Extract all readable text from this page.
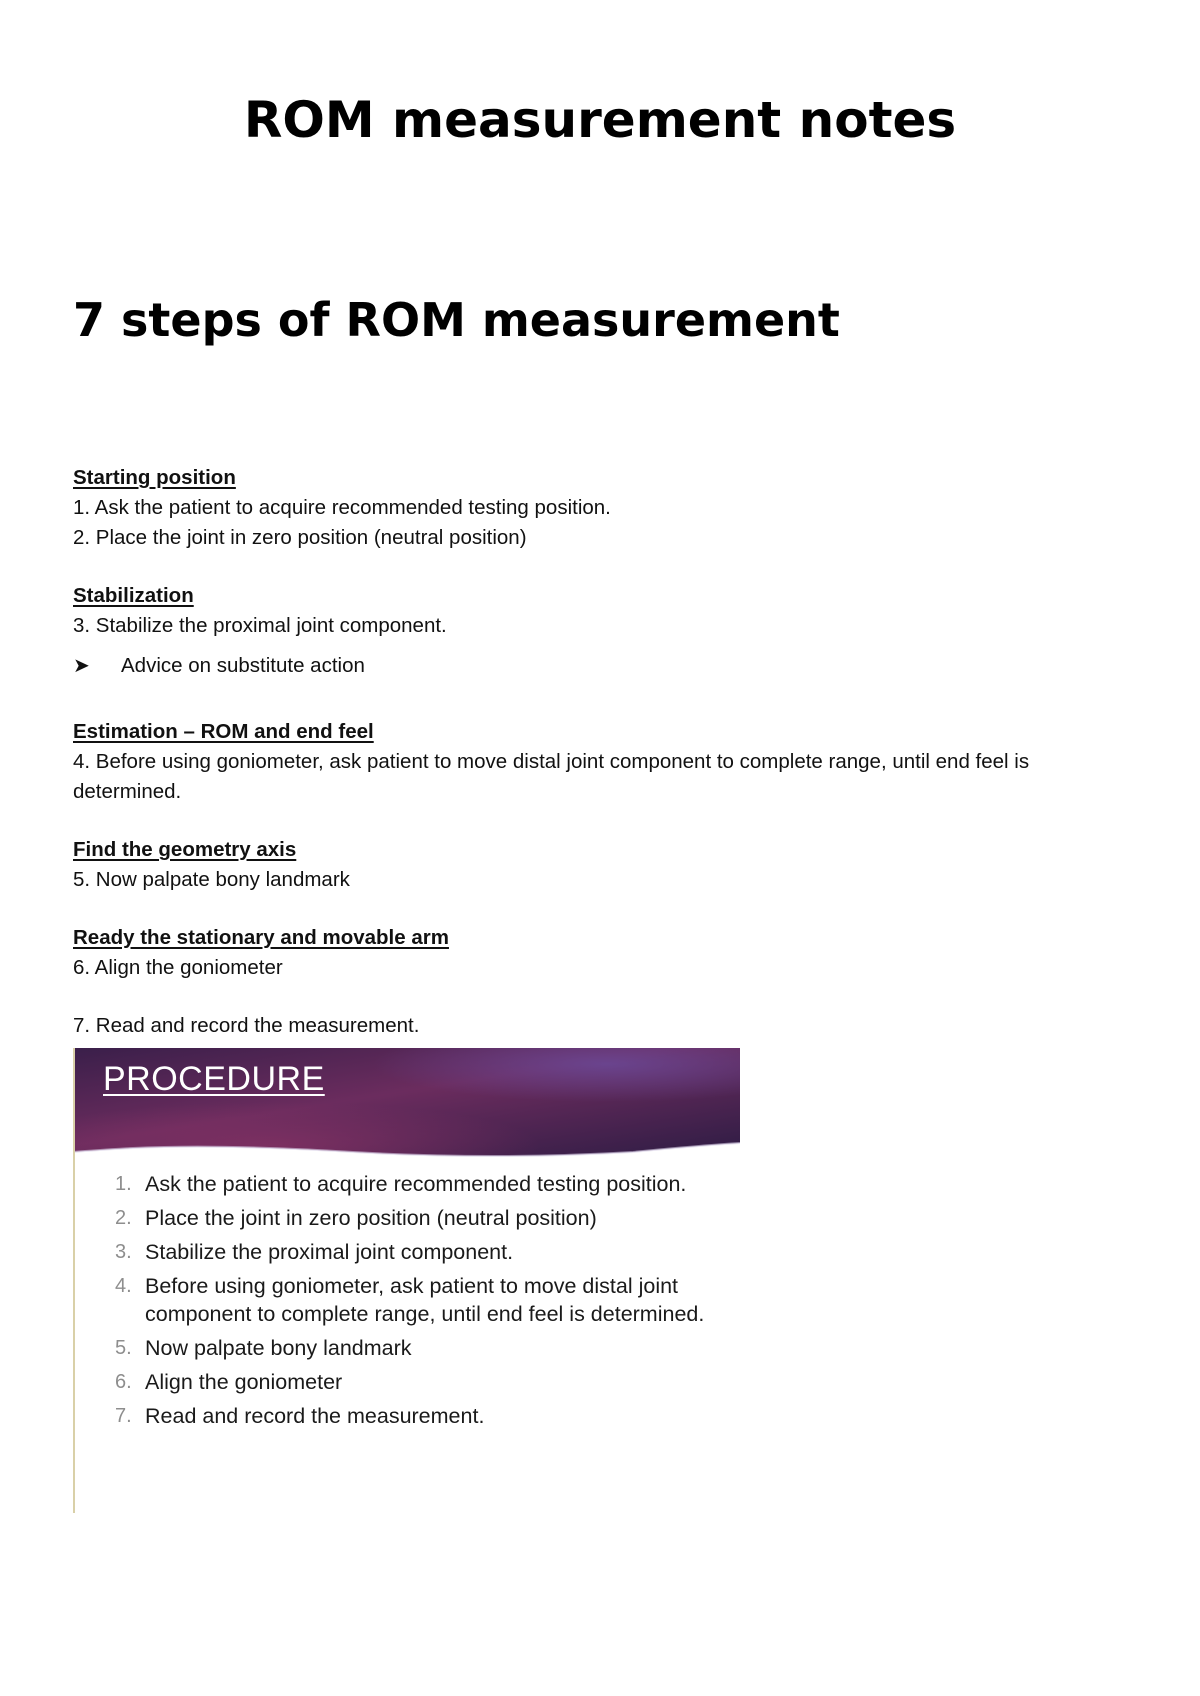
ROM measurement notes
7 steps of ROM measurement

Starting position

1. Ask the patient to acquire recommended testing position.

2. Place the joint in zero position (neutral position)

Stabilization

3. Stabilize the proximal joint component.

➤	Advice on substitute action

Estimation – ROM and end feel

4. Before using goniometer, ask patient to move distal joint component to complete range, until end feel is determined.

Find the geometry axis

5. Now palpate bony landmark

Ready the stationary and movable arm

6. Align the goniometer

7. Read and record the measurement.

PROCEDURE
1. Ask the patient to acquire recommended testing position.
2. Place the joint in zero position (neutral position)
3. Stabilize the proximal joint component.
4. Before using goniometer, ask patient to move distal joint component to complete range, until end feel is determined.
5. Now palpate bony landmark
6. Align the goniometer
7. Read and record the measurement.
